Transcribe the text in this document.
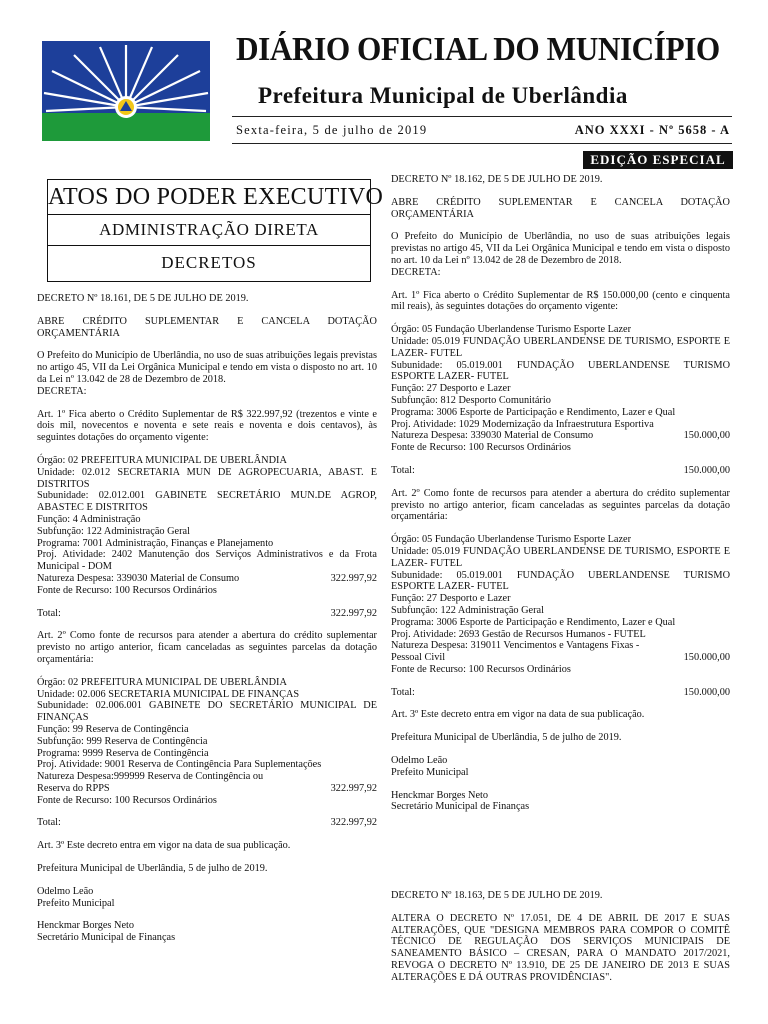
DIÁRIO OFICIAL DO MUNICÍPIO
Prefeitura Municipal de Uberlândia
Sexta-feira, 5 de julho de 2019	ANO XXXI - Nº 5658 - A
EDIÇÃO ESPECIAL
ATOS DO PODER EXECUTIVO
ADMINISTRAÇÃO DIRETA
DECRETOS

DECRETO Nº 18.161, DE 5 DE JULHO DE 2019.

ABRE CRÉDITO SUPLEMENTAR E CANCELA DOTAÇÃO ORÇAMENTÁRIA

O Prefeito do Município de Uberlândia, no uso de suas atribuições legais previstas no artigo 45, VII da Lei Orgânica Municipal e tendo em vista o disposto no art. 10 da Lei nº 13.042 de 28 de Dezembro de 2018.

DECRETA:

Art. 1º Fica aberto o Crédito Suplementar de R$ 322.997,92 (trezentos e vinte e dois mil, novecentos e noventa e sete reais e noventa e dois centavos), às seguintes dotações do orçamento vigente:

Órgão: 02 PREFEITURA MUNICIPAL DE UBERLÂNDIA

Unidade: 02.012 SECRETARIA MUN DE AGROPECUARIA, ABAST. E DISTRITOS

Subunidade: 02.012.001 GABINETE SECRETÁRIO MUN.DE AGROP, ABASTEC E DISTRITOS

Função: 4 Administração

Subfunção: 122 Administração Geral

Programa: 7001 Administração, Finanças e Planejamento

Proj. Atividade: 2402 Manutenção dos Serviços Administrativos e da Frota Municipal - DOM

Natureza Despesa: 339030 Material de Consumo	322.997,92

Fonte de Recurso: 100 Recursos Ordinários

Total:	322.997,92

Art. 2º Como fonte de recursos para atender a abertura do crédito suplementar previsto no artigo anterior, ficam canceladas as seguintes parcelas da dotação orçamentária:

Órgão: 02 PREFEITURA MUNICIPAL DE UBERLÂNDIA

Unidade: 02.006 SECRETARIA MUNICIPAL DE FINANÇAS

Subunidade: 02.006.001 GABINETE DO SECRETÁRIO MUNICIPAL DE FINANÇAS

Função: 99 Reserva de Contingência

Subfunção: 999 Reserva de Contingência

Programa: 9999 Reserva de Contingência

Proj. Atividade: 9001 Reserva de Contingência Para Suplementações

Natureza Despesa:999999 Reserva de Contingência ou

Reserva do RPPS	322.997,92

Fonte de Recurso: 100 Recursos Ordinários

Total:	322.997,92

Art. 3º Este decreto entra em vigor na data de sua publicação.

Prefeitura Municipal de Uberlândia, 5 de julho de 2019.

Odelmo Leão

Prefeito Municipal

Henckmar Borges Neto

Secretário Municipal de Finanças

DECRETO Nº 18.162, DE 5 DE JULHO DE 2019.

ABRE CRÉDITO SUPLEMENTAR E CANCELA DOTAÇÃO ORÇAMENTÁRIA

O Prefeito do Município de Uberlândia, no uso de suas atribuições legais previstas no artigo 45, VII da Lei Orgânica Municipal e tendo em vista o disposto no art. 10 da Lei nº 13.042 de 28 de Dezembro de 2018.

DECRETA:

Art. 1º Fica aberto o Crédito Suplementar de R$ 150.000,00 (cento e cinquenta mil reais), às seguintes dotações do orçamento vigente:

Órgão: 05 Fundação Uberlandense Turismo Esporte Lazer

Unidade: 05.019 FUNDAÇÃO UBERLANDENSE DE TURISMO, ESPORTE E LAZER- FUTEL

Subunidade: 05.019.001 FUNDAÇÃO UBERLANDENSE TURISMO ESPORTE LAZER- FUTEL

Função: 27 Desporto e Lazer

Subfunção: 812 Desporto Comunitário

Programa: 3006 Esporte de Participação e Rendimento, Lazer e Qual

Proj. Atividade: 1029 Modernização da Infraestrutura Esportiva

Natureza Despesa: 339030 Material de Consumo	150.000,00

Fonte de Recurso: 100 Recursos Ordinários

Total:	150.000,00

Art. 2º Como fonte de recursos para atender a abertura do crédito suplementar previsto no artigo anterior, ficam canceladas as seguintes parcelas da dotação orçamentária:

Órgão: 05 Fundação Uberlandense Turismo Esporte Lazer

Unidade: 05.019 FUNDAÇÃO UBERLANDENSE DE TURISMO, ESPORTE E LAZER- FUTEL

Subunidade: 05.019.001 FUNDAÇÃO UBERLANDENSE TURISMO ESPORTE LAZER- FUTEL

Função: 27 Desporto e Lazer

Subfunção: 122 Administração Geral

Programa: 3006 Esporte de Participação e Rendimento, Lazer e Qual

Proj. Atividade: 2693 Gestão de Recursos Humanos - FUTEL

Natureza Despesa: 319011 Vencimentos e Vantagens Fixas -

Pessoal Civil	150.000,00

Fonte de Recurso: 100 Recursos Ordinários

Total:	150.000,00

Art. 3º Este decreto entra em vigor na data de sua publicação.

Prefeitura Municipal de Uberlândia, 5 de julho de 2019.

Odelmo Leão

Prefeito Municipal

Henckmar Borges Neto

Secretário Municipal de Finanças

DECRETO Nº 18.163, DE 5 DE JULHO DE 2019.

ALTERA O DECRETO Nº 17.051, DE 4 DE ABRIL DE 2017 E SUAS ALTERAÇÕES, QUE "DESIGNA MEMBROS PARA COMPOR O COMITÊ TÉCNICO DE REGULAÇÃO DOS SERVIÇOS MUNICIPAIS DE SANEAMENTO BÁSICO – CRESAN, PARA O MANDATO 2017/2021, REVOGA O DECRETO Nº 13.910, DE 25 DE JANEIRO DE 2013 E SUAS ALTERAÇÕES E DÁ OUTRAS PROVIDÊNCIAS".
